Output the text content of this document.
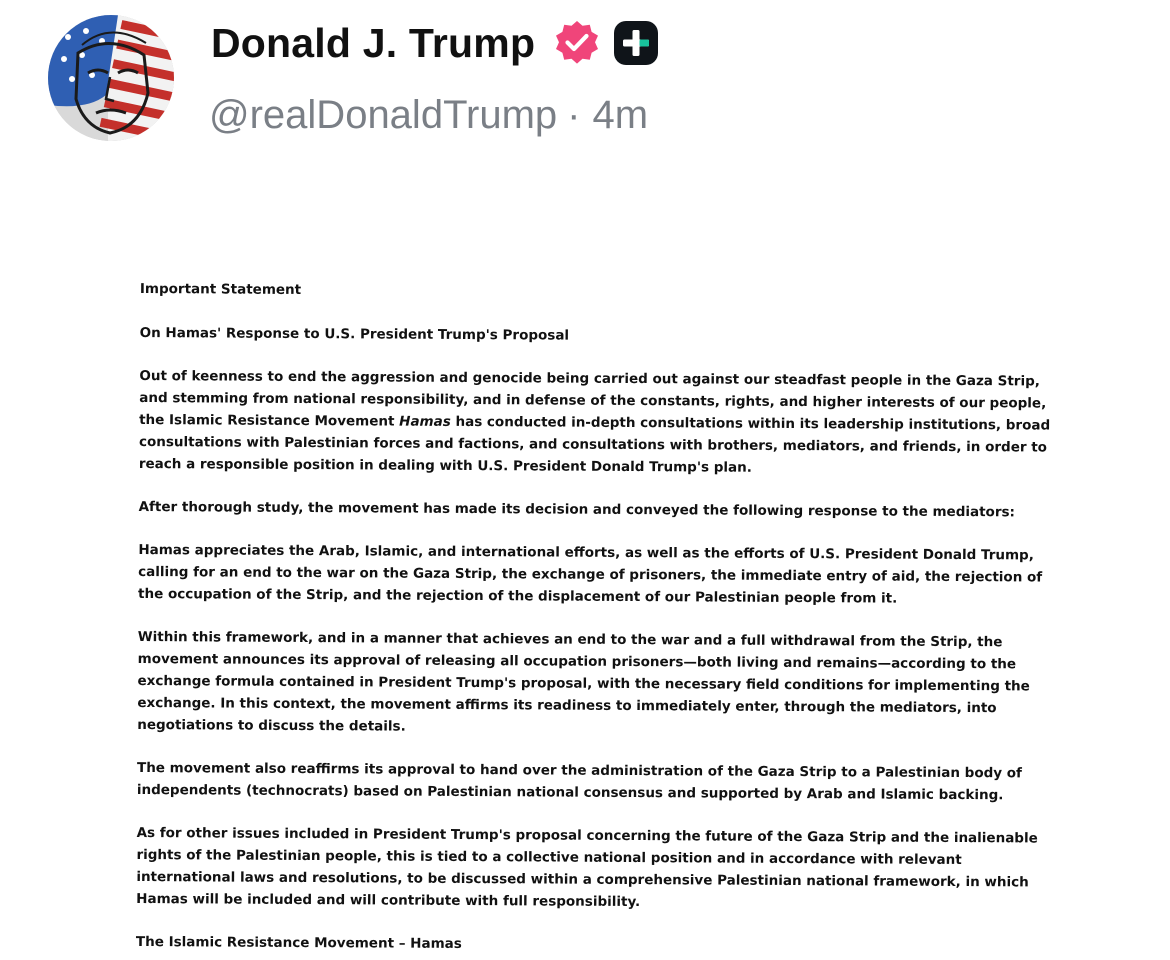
Donald J. Trump
@realDonaldTrump · 4m

Important Statement

On Hamas' Response to U.S. President Trump's Proposal

Out of keenness to end the aggression and genocide being carried out against our steadfast people in the Gaza Strip, and stemming from national responsibility, and in defense of the constants, rights, and higher interests of our people, the Islamic Resistance Movement Hamas has conducted in-depth consultations within its leadership institutions, broad consultations with Palestinian forces and factions, and consultations with brothers, mediators, and friends, in order to reach a responsible position in dealing with U.S. President Donald Trump's plan.

After thorough study, the movement has made its decision and conveyed the following response to the mediators:

Hamas appreciates the Arab, Islamic, and international efforts, as well as the efforts of U.S. President Donald Trump, calling for an end to the war on the Gaza Strip, the exchange of prisoners, the immediate entry of aid, the rejection of the occupation of the Strip, and the rejection of the displacement of our Palestinian people from it.

Within this framework, and in a manner that achieves an end to the war and a full withdrawal from the Strip, the movement announces its approval of releasing all occupation prisoners—both living and remains—according to the exchange formula contained in President Trump's proposal, with the necessary field conditions for implementing the exchange. In this context, the movement affirms its readiness to immediately enter, through the mediators, into negotiations to discuss the details.

The movement also reaffirms its approval to hand over the administration of the Gaza Strip to a Palestinian body of independents (technocrats) based on Palestinian national consensus and supported by Arab and Islamic backing.

As for other issues included in President Trump's proposal concerning the future of the Gaza Strip and the inalienable rights of the Palestinian people, this is tied to a collective national position and in accordance with relevant international laws and resolutions, to be discussed within a comprehensive Palestinian national framework, in which Hamas will be included and will contribute with full responsibility.

The Islamic Resistance Movement – Hamas
